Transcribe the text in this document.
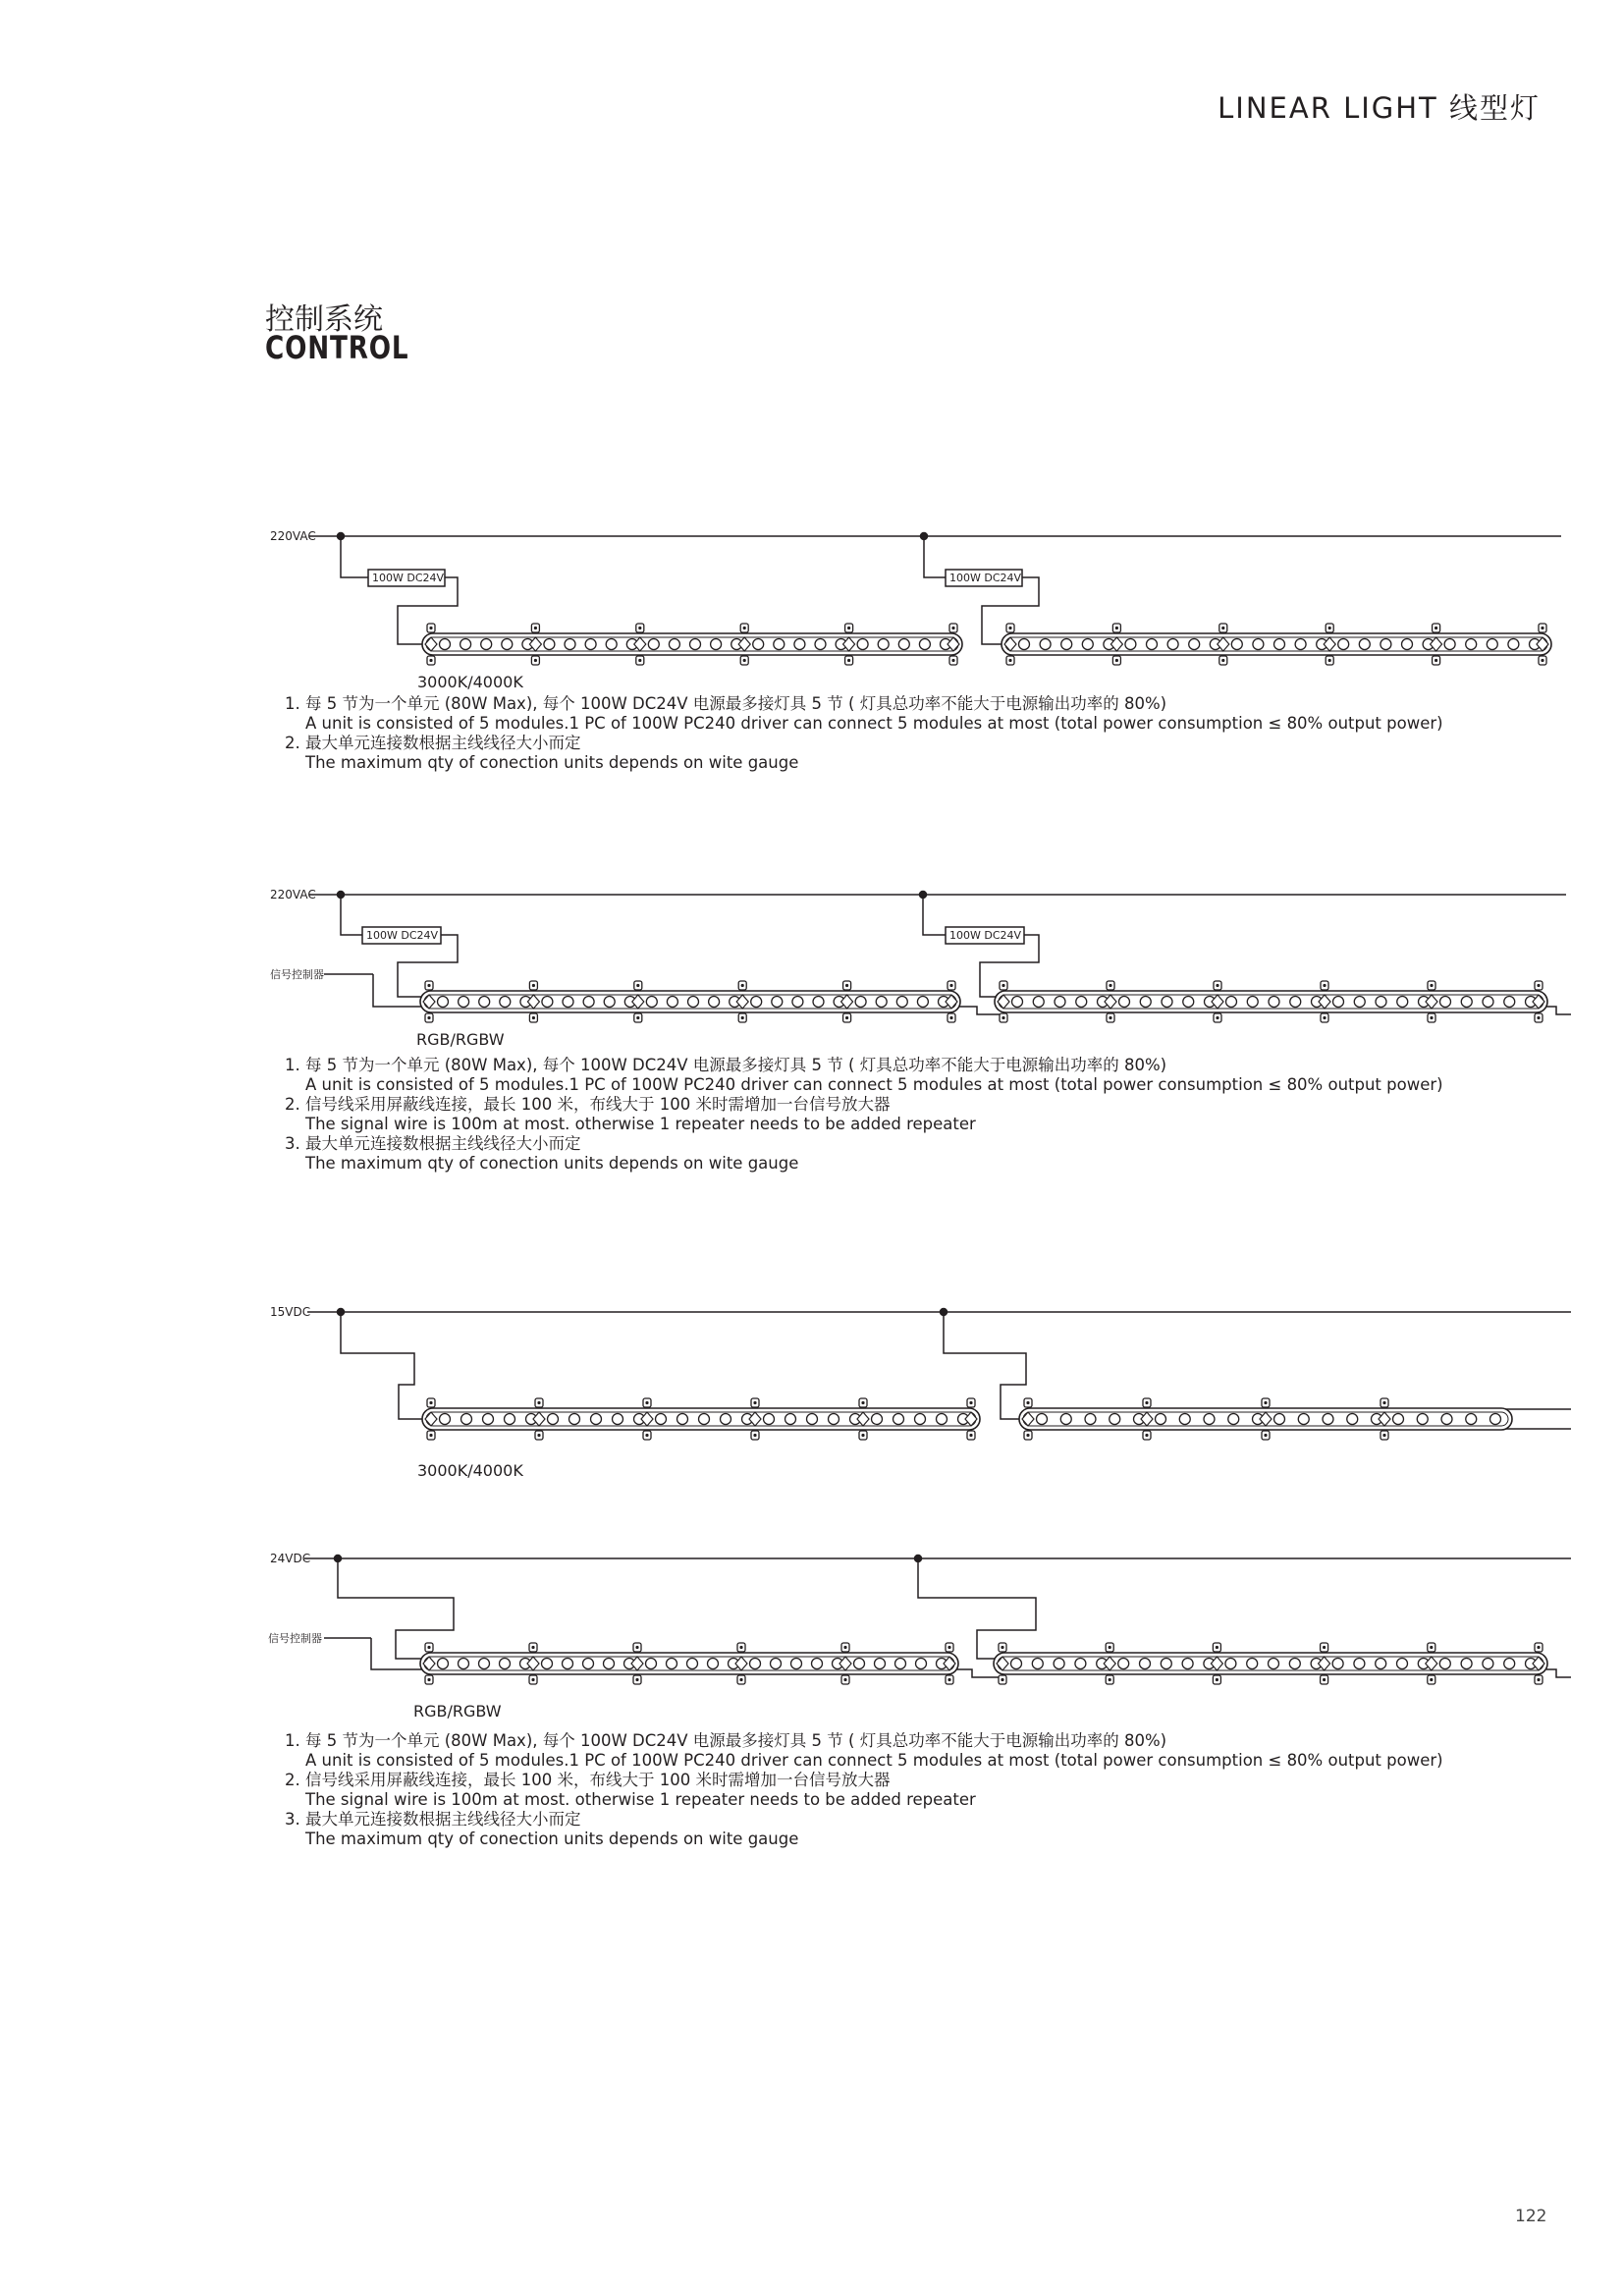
LINEAR LIGHT 线型灯
控制系统
CONTROL
220VAC
100W DC24V	100W DC24V
3000K/4000K
220VAC
100W DC24V	100W DC24V
信号控制器
RGB/RGBW
15VDC
3000K/4000K
24VDC
信号控制器
RGB/RGBW
1. 每 5 节为一个单元 (80W Max), 每个 100W DC24V 电源最多接灯具 5 节 ( 灯具总功率不能大于电源输出功率的 80%)
A unit is consisted of 5 modules.1 PC of 100W PC240 driver can connect 5 modules at most (total power consumption ≤ 80% output power)
2. 最大单元连接数根据主线线径大小而定
The maximum qty of conection units depends on wite gauge
1. 每 5 节为一个单元 (80W Max), 每个 100W DC24V 电源最多接灯具 5 节 ( 灯具总功率不能大于电源输出功率的 80%)
A unit is consisted of 5 modules.1 PC of 100W PC240 driver can connect 5 modules at most (total power consumption ≤ 80% output power)
2. 信号线采用屏蔽线连接，最长 100 米，布线大于 100 米时需增加一台信号放大器
The signal wire is 100m at most. otherwise 1 repeater needs to be added repeater
3. 最大单元连接数根据主线线径大小而定
The maximum qty of conection units depends on wite gauge
1. 每 5 节为一个单元 (80W Max), 每个 100W DC24V 电源最多接灯具 5 节 ( 灯具总功率不能大于电源输出功率的 80%)
A unit is consisted of 5 modules.1 PC of 100W PC240 driver can connect 5 modules at most (total power consumption ≤ 80% output power)
2. 信号线采用屏蔽线连接，最长 100 米，布线大于 100 米时需增加一台信号放大器
The signal wire is 100m at most. otherwise 1 repeater needs to be added repeater
3. 最大单元连接数根据主线线径大小而定
The maximum qty of conection units depends on wite gauge
122
